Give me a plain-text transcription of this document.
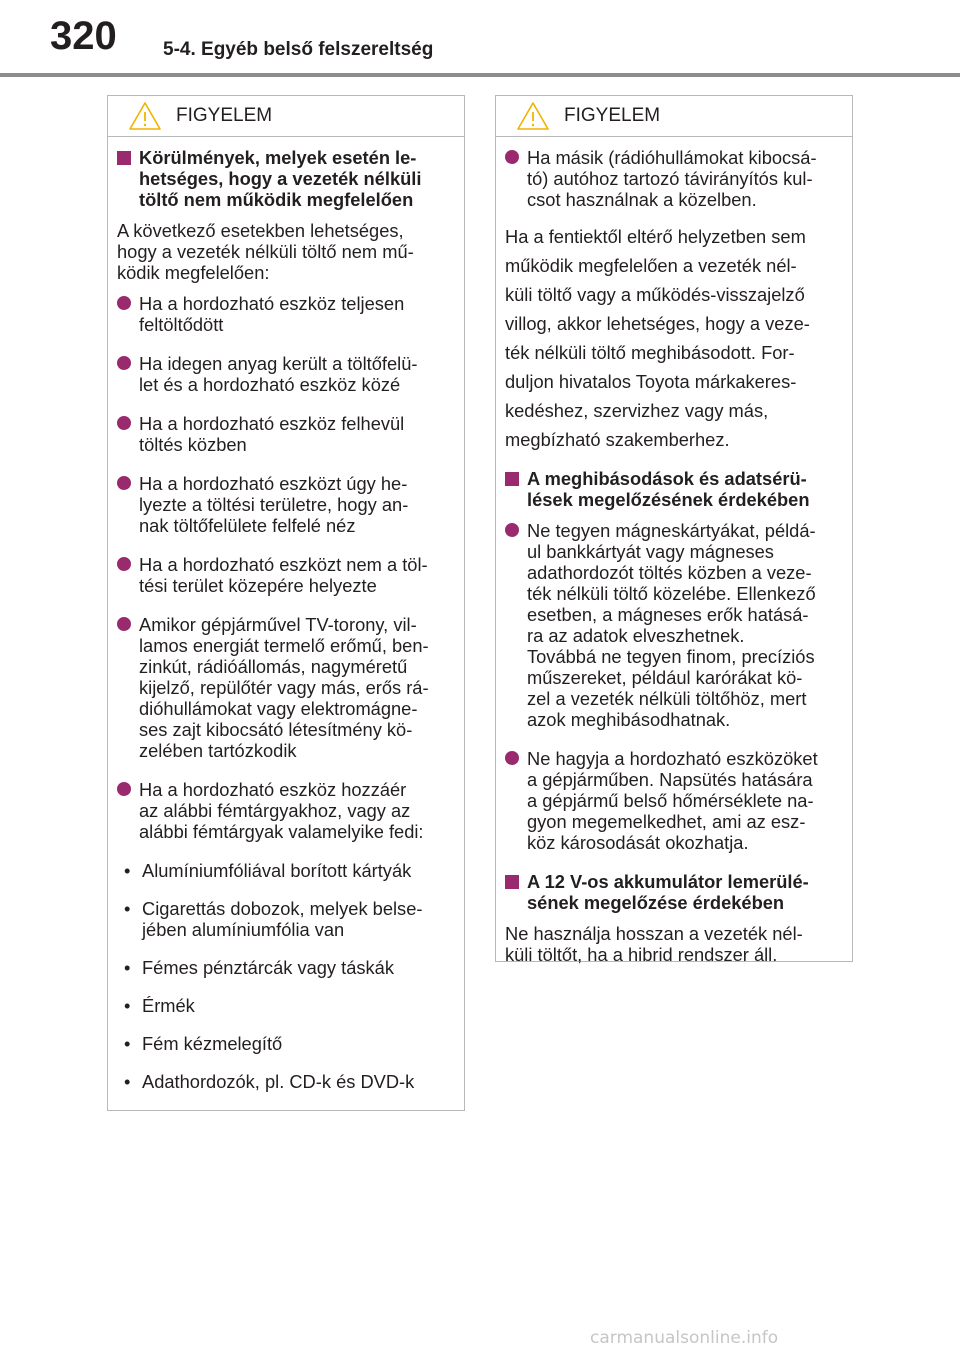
320 5-4. Egyéb belső felszereltség
FIGYELEM
Körülmények, melyek esetén le-
hetséges, hogy a vezeték nélküli
töltő nem működik megfelelően
A következő esetekben lehetséges,
hogy a vezeték nélküli töltő nem mű-
ködik megfelelően:
Ha a hordozható eszköz teljesen
feltöltődött
Ha idegen anyag került a töltőfelü-
let és a hordozható eszköz közé
Ha a hordozható eszköz felhevül
töltés közben
Ha a hordozható eszközt úgy he-
lyezte a töltési területre, hogy an-
nak töltőfelülete felfelé néz
Ha a hordozható eszközt nem a töl-
tési terület közepére helyezte
Amikor gépjárművel TV-torony, vil-
lamos energiát termelő erőmű, ben-
zinkút, rádióállomás, nagyméretű
kijelző, repülőtér vagy más, erős rá-
dióhullámokat vagy elektromágne-
ses zajt kibocsátó létesítmény kö-
zelében tartózkodik
Ha a hordozható eszköz hozzáér
az alábbi fémtárgyakhoz, vagy az
alábbi fémtárgyak valamelyike fedi:
• Alumíniumfóliával borított kártyák
• Cigarettás dobozok, melyek belse-
jében alumíniumfólia van
• Fémes pénztárcák vagy táskák
• Érmék
• Fém kézmelegítő
• Adathordozók, pl. CD-k és DVD-k
FIGYELEM
Ha másik (rádióhullámokat kibocsá-
tó) autóhoz tartozó távirányítós kul-
csot használnak a közelben.
Ha a fentiektől eltérő helyzetben sem
működik megfelelően a vezeték nél-
küli töltő vagy a működés-visszajelző
villog, akkor lehetséges, hogy a veze-
ték nélküli töltő meghibásodott. For-
duljon hivatalos Toyota márkakeres-
kedéshez, szervizhez vagy más,
megbízható szakemberhez.
A meghibásodások és adatsérü-
lések megelőzésének érdekében
Ne tegyen mágneskártyákat, példá-
ul bankkártyát vagy mágneses
adathordozót töltés közben a veze-
ték nélküli töltő közelébe. Ellenkező
esetben, a mágneses erők hatásá-
ra az adatok elveszhetnek.
Továbbá ne tegyen finom, precíziós
műszereket, például karórákat kö-
zel a vezeték nélküli töltőhöz, mert
azok meghibásodhatnak.
Ne hagyja a hordozható eszközöket
a gépjárműben. Napsütés hatására
a gépjármű belső hőmérséklete na-
gyon megemelkedhet, ami az esz-
köz károsodását okozhatja.
A 12 V-os akkumulátor lemerülé-
sének megelőzése érdekében
Ne használja hosszan a vezeték nél-
küli töltőt, ha a hibrid rendszer áll.
carmanualsonline.info
